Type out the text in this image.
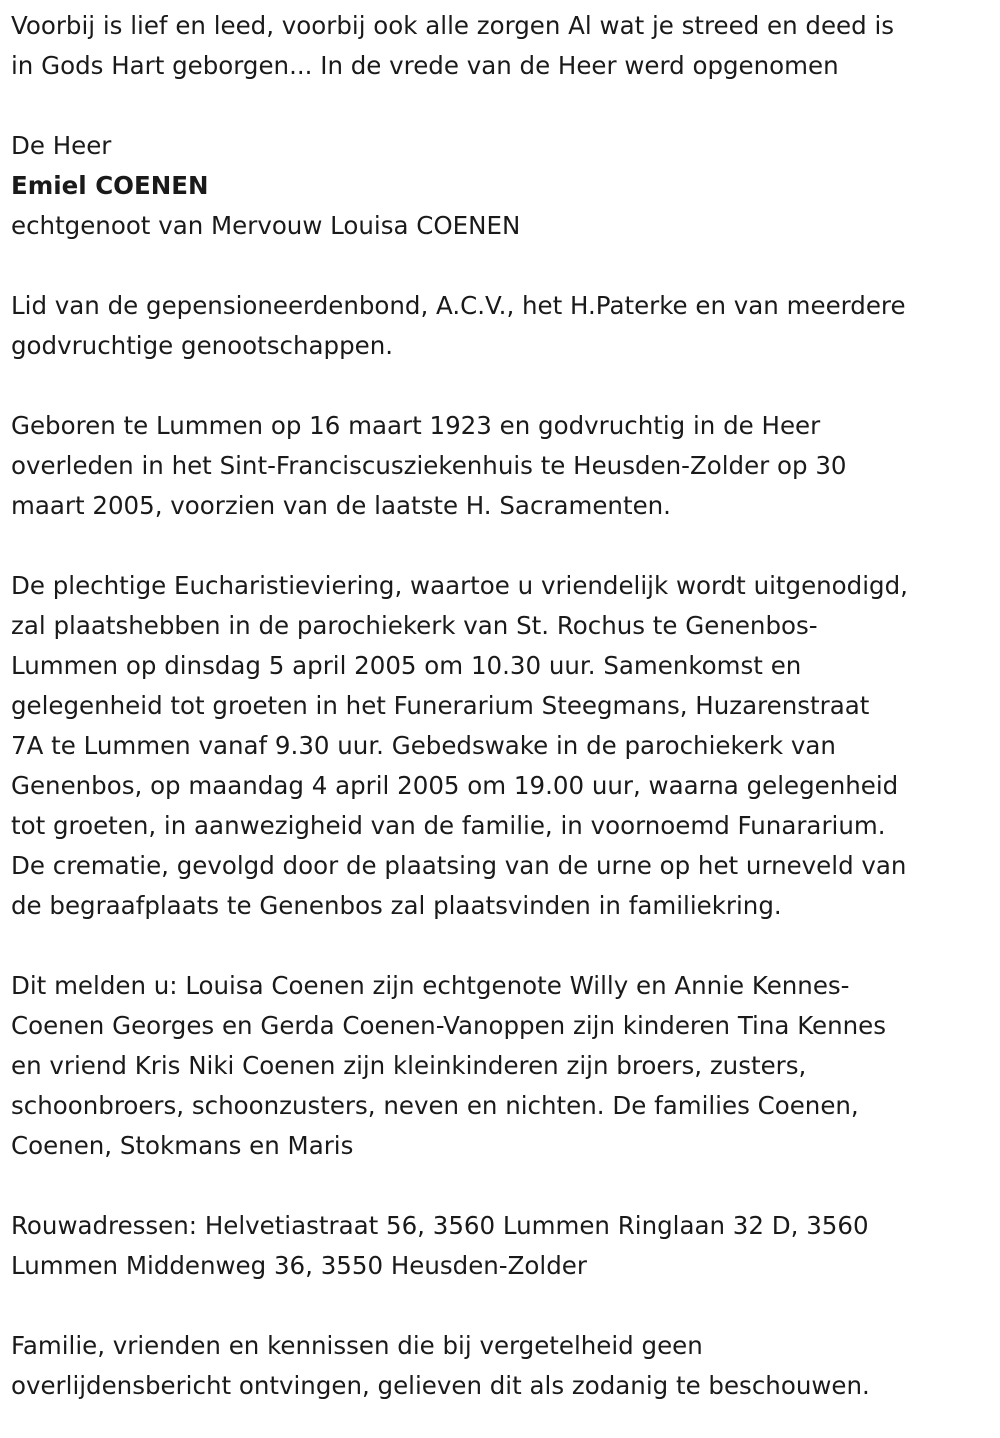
Voorbij is lief en leed, voorbij ook alle zorgen Al wat je streed en deed is

in Gods Hart geborgen... In de vrede van de Heer werd opgenomen

De Heer

Emiel COENEN

echtgenoot van Mervouw Louisa COENEN

Lid van de gepensioneerdenbond, A.C.V., het H.Paterke en van meerdere

godvruchtige genootschappen.

Geboren te Lummen op 16 maart 1923 en godvruchtig in de Heer

overleden in het Sint-Franciscusziekenhuis te Heusden-Zolder op 30

maart 2005, voorzien van de laatste H. Sacramenten.

De plechtige Eucharistieviering, waartoe u vriendelijk wordt uitgenodigd,

zal plaatshebben in de parochiekerk van St. Rochus te Genenbos-

Lummen op dinsdag 5 april 2005 om 10.30 uur. Samenkomst en

gelegenheid tot groeten in het Funerarium Steegmans, Huzarenstraat

7A te Lummen vanaf 9.30 uur. Gebedswake in de parochiekerk van

Genenbos, op maandag 4 april 2005 om 19.00 uur, waarna gelegenheid

tot groeten, in aanwezigheid van de familie, in voornoemd Funararium.

De crematie, gevolgd door de plaatsing van de urne op het urneveld van

de begraafplaats te Genenbos zal plaatsvinden in familiekring.

Dit melden u: Louisa Coenen zijn echtgenote Willy en Annie Kennes-

Coenen Georges en Gerda Coenen-Vanoppen zijn kinderen Tina Kennes

en vriend Kris Niki Coenen zijn kleinkinderen zijn broers, zusters,

schoonbroers, schoonzusters, neven en nichten. De families Coenen,

Coenen, Stokmans en Maris

Rouwadressen: Helvetiastraat 56, 3560 Lummen Ringlaan 32 D, 3560

Lummen Middenweg 36, 3550 Heusden-Zolder

Familie, vrienden en kennissen die bij vergetelheid geen

overlijdensbericht ontvingen, gelieven dit als zodanig te beschouwen.
